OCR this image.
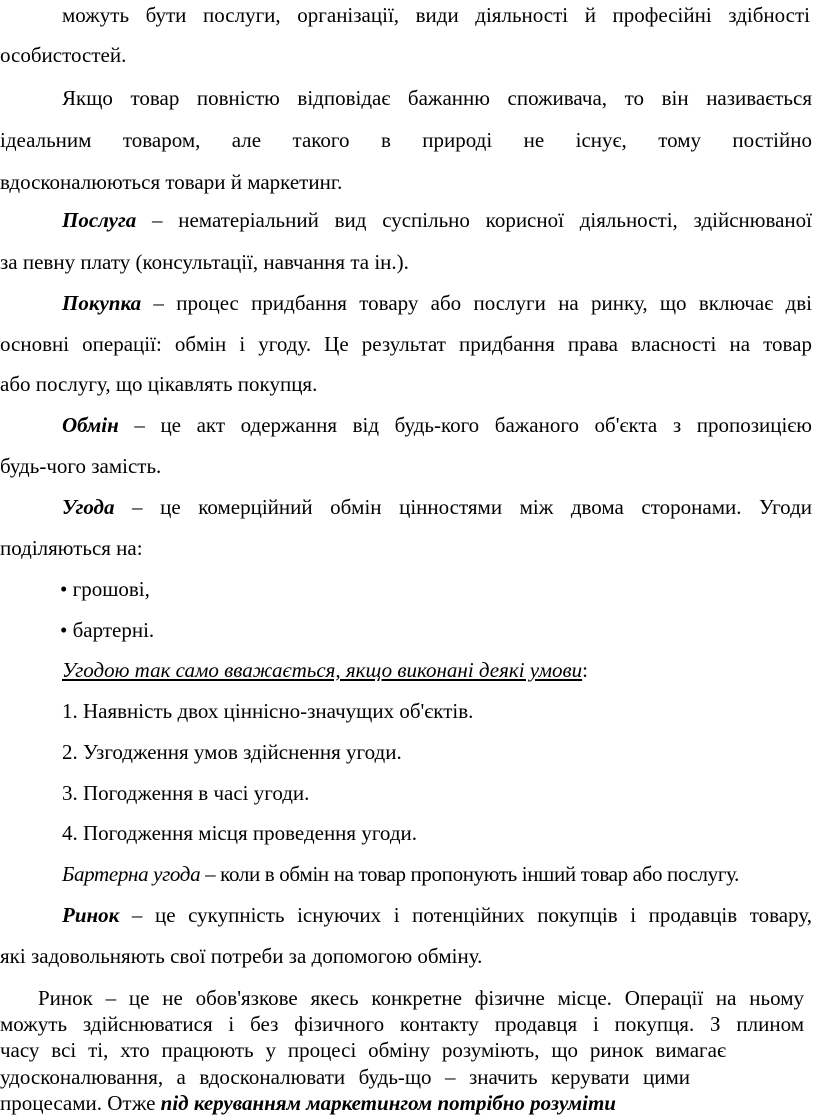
можуть бути послуги, організації, види діяльності й професійні здібності
особистостей.
Якщо товар повністю відповідає бажанню споживача, то він називається
ідеальним товаром, але такого в природі не існує, тому постійно
вдосконалюються товари й маркетинг.
Послуга – нематеріальний вид суспільно корисної діяльності, здійснюваної
за певну плату (консультації, навчання та ін.).
Покупка – процес придбання товару або послуги на ринку, що включає дві
основні операції: обмін і угоду. Це результат придбання права власності на товар
або послугу, що цікавлять покупця.
Обмін – це акт одержання від будь-кого бажаного об'єкта з пропозицією
будь-чого замість.
Угода – це комерційний обмін цінностями між двома сторонами. Угоди
поділяються на:
• грошові,
• бартерні.
Угодою так само вважається, якщо виконані деякі умови:
1. Наявність двох ціннісно-значущих об'єктів.
2. Узгодження умов здійснення угоди.
3. Погодження в часі угоди.
4. Погодження місця проведення угоди.
Бартерна угода – коли в обмін на товар пропонують інший товар або послугу.
Ринок – це сукупність існуючих і потенційних покупців і продавців товару,
які задовольняють свої потреби за допомогою обміну.
Ринок – це не обов'язкове якесь конкретне фізичне місце. Операції на ньому
можуть здійснюватися і без фізичного контакту продавця і покупця. З плином
часу всі ті, хто працюють у процесі обміну розуміють, що ринок вимагає
удосконалювання, а вдосконалювати будь-що – значить керувати цими
процесами. Отже під керуванням маркетингом потрібно розуміти
